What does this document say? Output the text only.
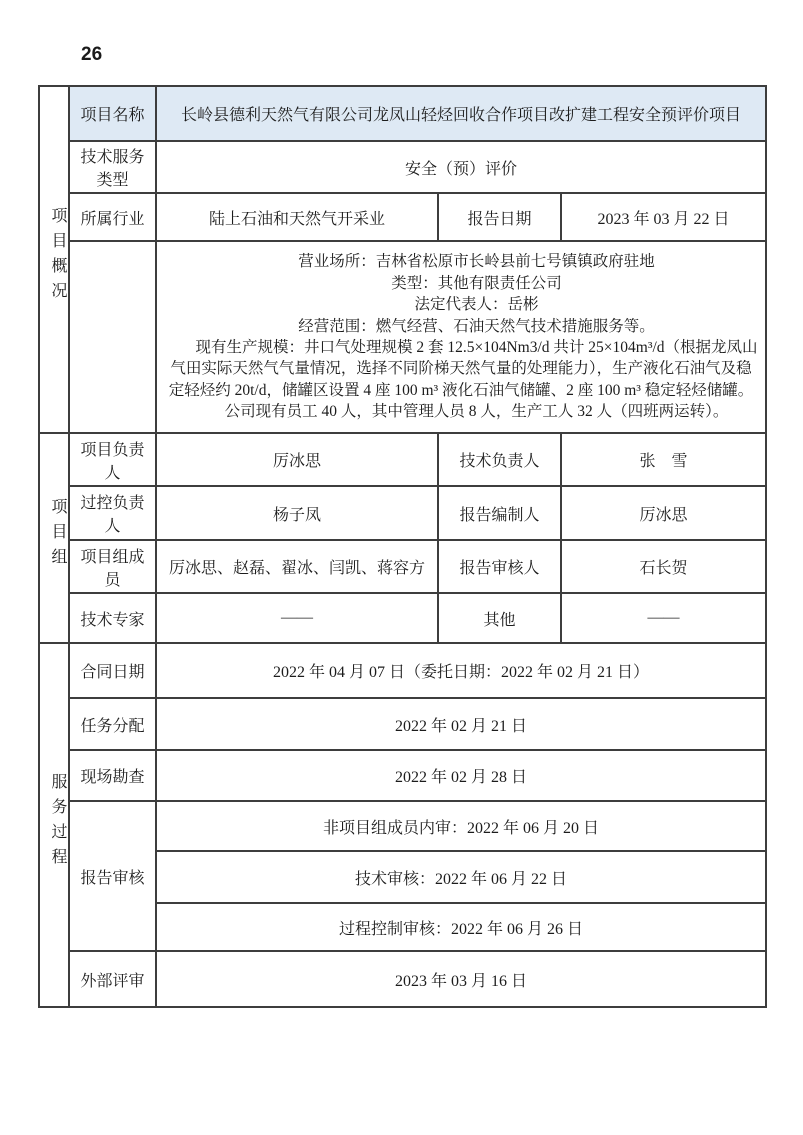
26
项目概况	项目名称	长岭县德利天然气有限公司龙凤山轻烃回收合作项目改扩建工程安全预评价项目		
	技术服务类型	安全（预）评价		
	所属行业	陆上石油和天然气开采业	报告日期	2023 年 03 月 22 日

营业场所：吉林省松原市长岭县前七号镇镇政府驻地

类型：其他有限责任公司

法定代表人：岳彬

经营范围：燃气经营、石油天然气技术措施服务等。

现有生产规模：井口气处理规模 2 套 12.5×104Nm3/d 共计 25×104m³/d（根据龙凤山气田实际天然气气量情况，选择不同阶梯天然气量的处理能力），生产液化石油气及稳定轻烃约 20t/d，储罐区设置 4 座 100 m³ 液化石油气储罐、2 座 100 m³ 稳定轻烃储罐。

公司现有员工 40 人，其中管理人员 8 人，生产工人 32 人（四班两运转）。

项目组	项目负责人	厉冰思	技术负责人	张　雪
	过控负责人	杨子凤	报告编制人	厉冰思
	项目组成员	厉冰思、赵磊、翟冰、闫凯、蒋容方	报告审核人	石长贺
	技术专家	——	其他	——
服务过程	合同日期	2022 年 04 月 07 日（委托日期：2022 年 02 月 21 日）		
	任务分配	2022 年 02 月 21 日		
	现场勘查	2022 年 02 月 28 日		
	报告审核	非项目组成员内审：2022 年 06 月 20 日		
		技术审核：2022 年 06 月 22 日		
		过程控制审核：2022 年 06 月 26 日		
	外部评审	2023 年 03 月 16 日		
